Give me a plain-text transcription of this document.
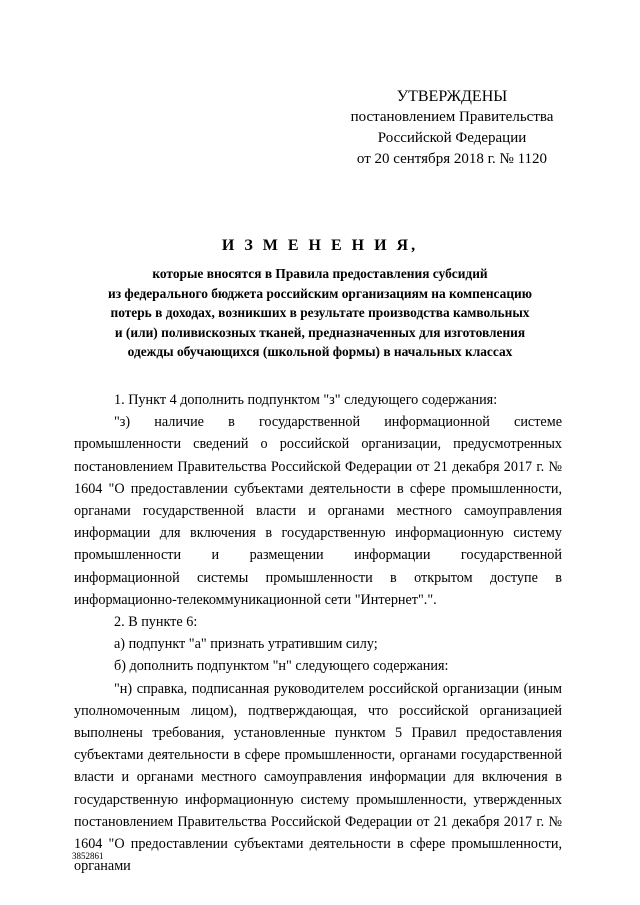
УТВЕРЖДЕНЫ
постановлением Правительства
Российской Федерации
от 20 сентября 2018 г. № 1120
И З М Е Н Е Н И Я,
которые вносятся в Правила предоставления субсидий
из федерального бюджета российским организациям на компенсацию
потерь в доходах, возникших в результате производства камвольных
и (или) поливискозных тканей, предназначенных для изготовления
одежды обучающихся (школьной формы) в начальных классах

1. Пункт 4 дополнить подпунктом "з" следующего содержания:

"з) наличие в государственной информационной системе промышленности сведений о российской организации, предусмотренных постановлением Правительства Российской Федерации от 21 декабря 2017 г. № 1604 "О предоставлении субъектами деятельности в сфере промышленности, органами государственной власти и органами местного самоуправления информации для включения в государственную информационную систему промышленности и размещении информации государственной информационной системы промышленности в открытом доступе в информационно-телекоммуникационной сети "Интернет".".

2. В пункте 6:

а) подпункт "а" признать утратившим силу;

б) дополнить подпунктом "н" следующего содержания:

"н) справка, подписанная руководителем российской организации (иным уполномоченным лицом), подтверждающая, что российской организацией выполнены требования, установленные пунктом 5 Правил предоставления субъектами деятельности в сфере промышленности, органами государственной власти и органами местного самоуправления информации для включения в государственную информационную систему промышленности, утвержденных постановлением Правительства Российской Федерации от 21 декабря 2017 г. № 1604 "О предоставлении субъектами деятельности в сфере промышленности, органами

3852861
